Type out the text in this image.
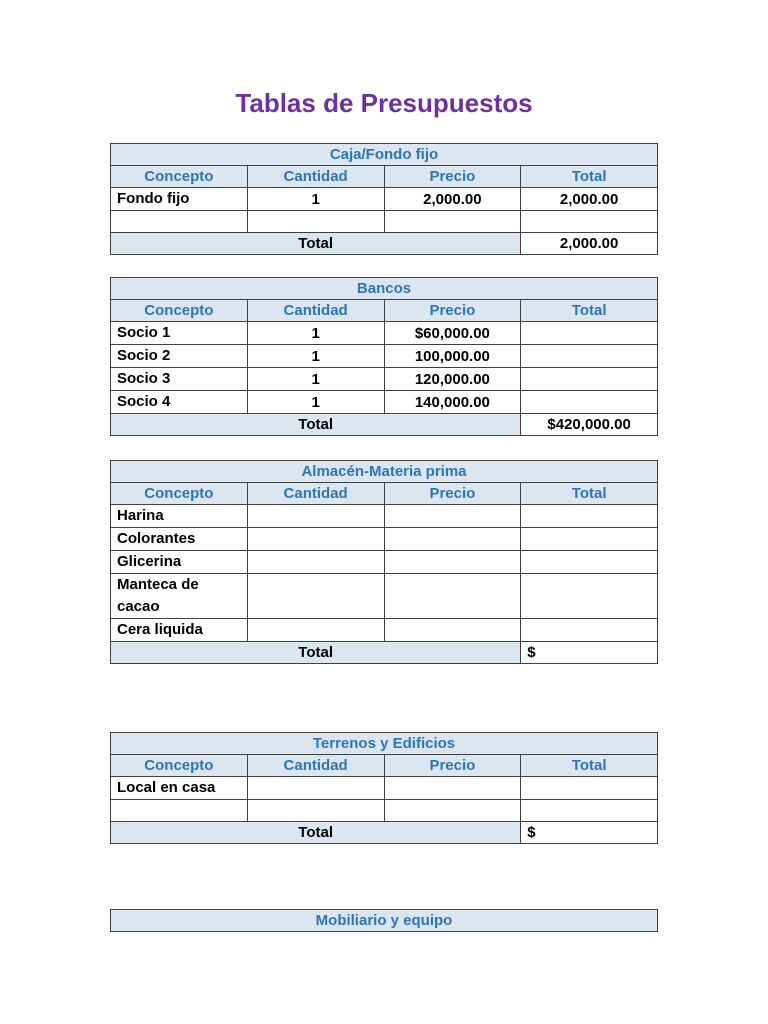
Tablas de Presupuestos
Caja/Fondo fijo			
Concepto	Cantidad	Precio	Total
Fondo fijo	1	2,000.00	2,000.00

Total			2,000.00
Bancos			
Concepto	Cantidad	Precio	Total
Socio 1	1	$60,000.00	
Socio 2	1	100,000.00	
Socio 3	1	120,000.00	
Socio 4	1	140,000.00	
Total			$420,000.00
Almacén-Materia prima			
Concepto	Cantidad	Precio	Total
Harina			
Colorantes			
Glicerina			
Manteca de cacao			
Cera liquida			
Total			$
Terrenos y Edificios			
Concepto	Cantidad	Precio	Total
Local en casa			

Total			$
Mobiliario y equipo
